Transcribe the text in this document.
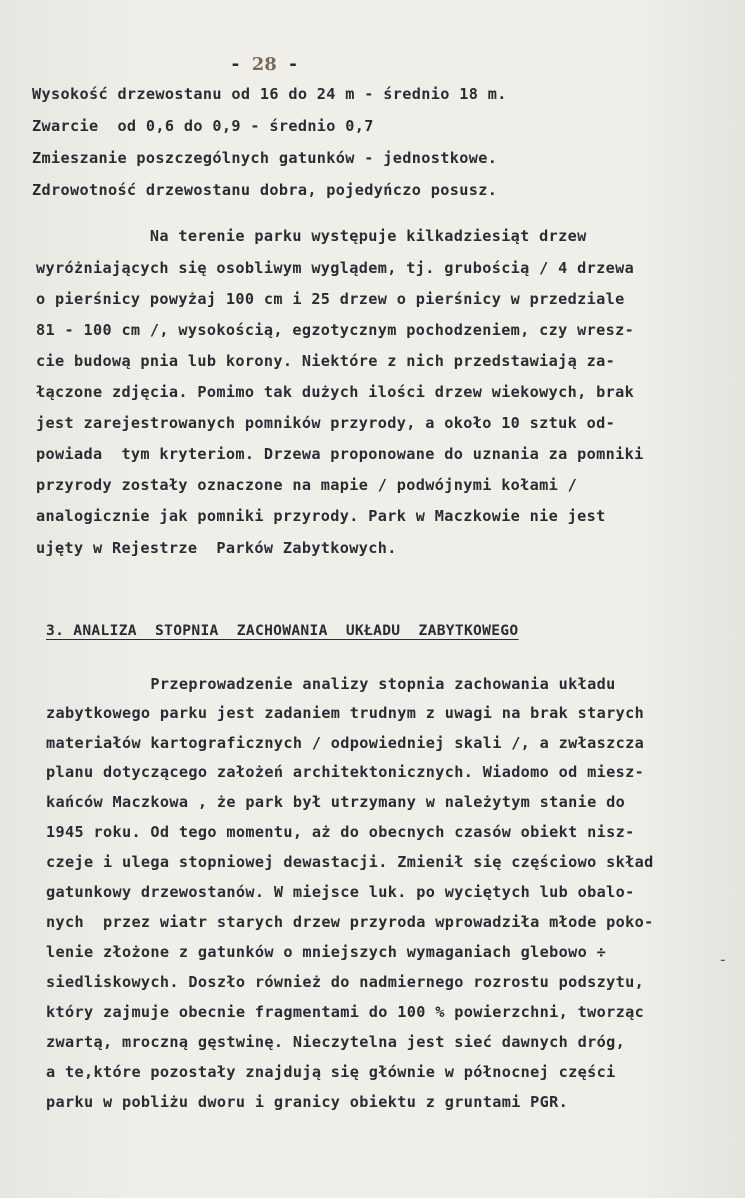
- 28 -
Wysokość drzewostanu od 16 do 24 m - średnio 18 m.
Zwarcie  od 0,6 do 0,9 - średnio 0,7
Zmieszanie poszczególnych gatunków - jednostkowe.
Zdrowotność drzewostanu dobra, pojedyńczo posusz.
Na terenie parku występuje kilkadziesiąt drzew
wyróżniających się osobliwym wyglądem, tj. grubością / 4 drzewa
o pierśnicy powyżaj 100 cm i 25 drzew o pierśnicy w przedziale
81 - 100 cm /, wysokością, egzotycznym pochodzeniem, czy wresz-
cie budową pnia lub korony. Niektóre z nich przedstawiają za-
łączone zdjęcia. Pomimo tak dużych ilości drzew wiekowych, brak
jest zarejestrowanych pomników przyrody, a około 10 sztuk od-
powiada  tym kryteriom. Drzewa proponowane do uznania za pomniki
przyrody zostały oznaczone na mapie / podwójnymi kołami /
analogicznie jak pomniki przyrody. Park w Maczkowie nie jest
ujęty w Rejestrze  Parków Zabytkowych.
3. ANALIZA  STOPNIA  ZACHOWANIA  UKŁADU  ZABYTKOWEGO
Przeprowadzenie analizy stopnia zachowania układu
zabytkowego parku jest zadaniem trudnym z uwagi na brak starych
materiałów kartograficznych / odpowiedniej skali /, a zwłaszcza
planu dotyczącego założeń architektonicznych. Wiadomo od miesz-
kańców Maczkowa , że park był utrzymany w należytym stanie do
1945 roku. Od tego momentu, aż do obecnych czasów obiekt nisz-
czeje i ulega stopniowej dewastacji. Zmienił się częściowo skład
gatunkowy drzewostanów. W miejsce luk. po wyciętych lub obalo-
nych  przez wiatr starych drzew przyroda wprowadziła młode poko-
lenie złożone z gatunków o mniejszych wymaganiach glebowo ÷
siedliskowych. Doszło również do nadmiernego rozrostu podszytu,
który zajmuje obecnie fragmentami do 100 % powierzchni, tworząc
zwartą, mroczną gęstwinę. Nieczytelna jest sieć dawnych dróg,
a te,które pozostały znajdują się głównie w północnej części
parku w pobliżu dworu i granicy obiektu z gruntami PGR.
-
